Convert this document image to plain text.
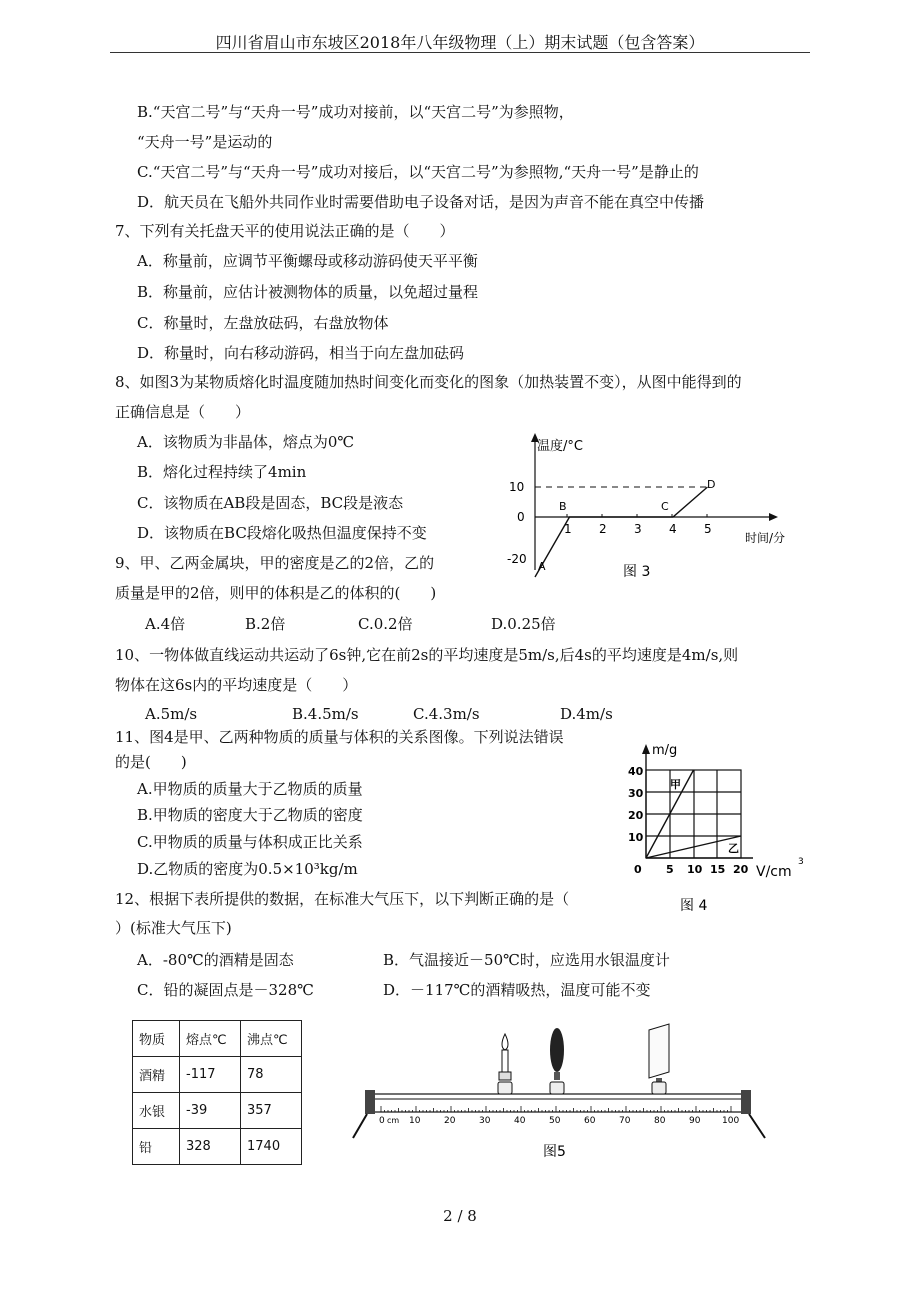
四川省眉山市东坡区2018年八年级物理（上）期末试题（包含答案）
B.“天宫二号”与“天舟一号”成功对接前，以“天宫二号”为参照物，
“天舟一号”是运动的
C.“天宫二号”与“天舟一号”成功对接后，以“天宫二号”为参照物,“天舟一号”是静止的
D．航天员在飞船外共同作业时需要借助电子设备对话，是因为声音不能在真空中传播
7、下列有关托盘天平的使用说法正确的是（　　）
A．称量前，应调节平衡螺母或移动游码使天平平衡
B．称量前，应估计被测物体的质量，以免超过量程
C．称量时，左盘放砝码，右盘放物体
D．称量时，向右移动游码，相当于向左盘加砝码
8、如图3为某物质熔化时温度随加热时间变化而变化的图象（加热装置不变），从图中能得到的
正确信息是（　　）
A．该物质为非晶体，熔点为0℃
B．熔化过程持续了4min
C．该物质在AB段是固态，BC段是液态
D．该物质在BC段熔化吸热但温度保持不变
9、甲、乙两金属块，甲的密度是乙的2倍，乙的
质量是甲的2倍，则甲的体积是乙的体积的(　　)
A.4倍	B.2倍	C.0.2倍	D.0.25倍
10、一物体做直线运动共运动了6s钟,它在前2s的平均速度是5m/s,后4s的平均速度是4m/s,则
物体在这6s内的平均速度是（　　）
A.5m/s	B.4.5m/s	C.4.3m/s	D.4m/s
11、图4是甲、乙两种物质的质量与体积的关系图像。下列说法错误
的是(　　)
A.甲物质的质量大于乙物质的质量
B.甲物质的密度大于乙物质的密度
C.甲物质的质量与体积成正比关系
D.乙物质的密度为0.5×10³kg/m
12、根据下表所提供的数据，在标准大气压下，以下判断正确的是（
）(标准大气压下)
A．-80℃的酒精是固态	B．气温接近－50℃时，应选用水银温度计
C．铅的凝固点是－328℃	D．－117℃的酒精吸热，温度可能不变
温度/°C
时间/分
10
0
-20
1 2 3 4 5
A
B	C
D
图 3
m/g
40
30
20
10
0 5 10 15 20 V/cm
3
甲
乙
图 4
物质	熔点℃	沸点℃
酒精	-117	78
水银	-39	357
铅	328	1740
0 cm 10	20	30	40	50	60	70	80	90 100
图5
2 / 8
